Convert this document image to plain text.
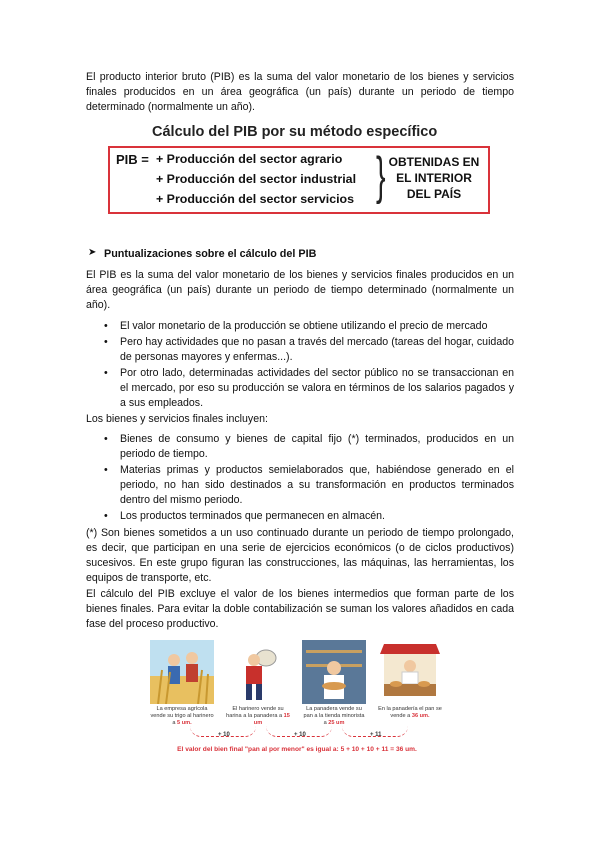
El producto interior bruto (PIB) es la suma del valor monetario de los bienes y servicios finales producidos en un área geográfica (un país) durante un periodo de tiempo determinado (normalmente un año).
Cálculo del PIB por su método específico
PIB = + Producción del sector agrario
+ Producción del sector industrial
+ Producción del sector servicios } OBTENIDAS EN
EL INTERIOR
DEL PAÍS
➤ Puntualizaciones sobre el cálculo del PIB
El PIB es la suma del valor monetario de los bienes y servicios finales producidos en un área geográfica (un país) durante un periodo de tiempo determinado (normalmente un año).
• El valor monetario de la producción se obtiene utilizando el precio de mercado
• Pero hay actividades que no pasan a través del mercado (tareas del hogar, cuidado de personas mayores y enfermas...).
• Por otro lado, determinadas actividades del sector público no se transaccionan en el mercado, por eso su producción se valora en términos de los salarios pagados y a sus empleados.
Los bienes y servicios finales incluyen:
• Bienes de consumo y bienes de capital fijo (*) terminados, producidos en un periodo de tiempo.
• Materias primas y productos semielaborados que, habiéndose generado en el periodo, no han sido destinados a su transformación en productos terminados dentro del mismo periodo.
• Los productos terminados que permanecen en almacén.
(*) Son bienes sometidos a un uso continuado durante un periodo de tiempo prolongado, es decir, que participan en una serie de ejercicios económicos (o de ciclos productivos) sucesivos. En este grupo figuran las construcciones, las máquinas, las herramientas, los equipos de transporte, etc.
El cálculo del PIB excluye el valor de los bienes intermedios que forman parte de los bienes finales. Para evitar la doble contabilización se suman los valores añadidos en cada fase del proceso productivo.
La empresa agrícola vende su trigo al harinero a 5 um.
El harinero vende su harina a la panadera a 15 um
La panadera vende su pan a la tienda minorista a 25 um
En la panadería el pan se vende a 36 um.
+ 10	+ 10	+ 11
El valor del bien final "pan al por menor" es igual a: 5 + 10 + 10 + 11 = 36 um.
